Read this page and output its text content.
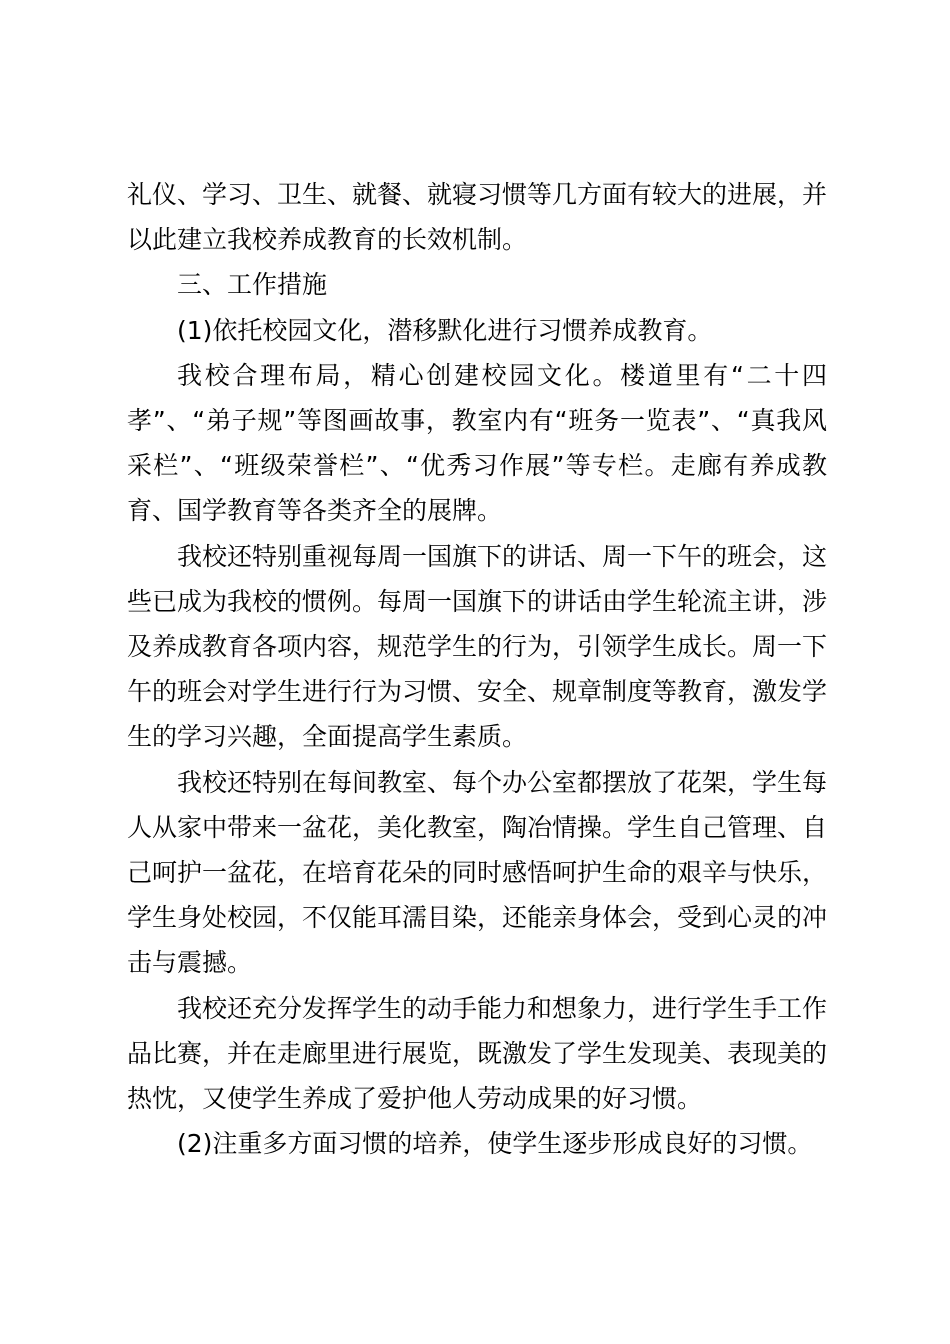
礼仪、学习、卫生、就餐、就寝习惯等几方面有较大的进展，并以此建立我校养成教育的长效机制。

三、工作措施

(1)依托校园文化，潜移默化进行习惯养成教育。

我校合理布局，精心创建校园文化。楼道里有“二十四孝”、“弟子规”等图画故事，教室内有“班务一览表”、“真我风采栏”、“班级荣誉栏”、“优秀习作展”等专栏。走廊有养成教育、国学教育等各类齐全的展牌。

我校还特别重视每周一国旗下的讲话、周一下午的班会，这些已成为我校的惯例。每周一国旗下的讲话由学生轮流主讲，涉及养成教育各项内容，规范学生的行为，引领学生成长。周一下午的班会对学生进行行为习惯、安全、规章制度等教育，激发学生的学习兴趣，全面提高学生素质。

我校还特别在每间教室、每个办公室都摆放了花架，学生每人从家中带来一盆花，美化教室，陶冶情操。学生自己管理、自己呵护一盆花，在培育花朵的同时感悟呵护生命的艰辛与快乐，学生身处校园，不仅能耳濡目染，还能亲身体会，受到心灵的冲击与震撼。

我校还充分发挥学生的动手能力和想象力，进行学生手工作品比赛，并在走廊里进行展览，既激发了学生发现美、表现美的热忱，又使学生养成了爱护他人劳动成果的好习惯。

(2)注重多方面习惯的培养，使学生逐步形成良好的习惯。
